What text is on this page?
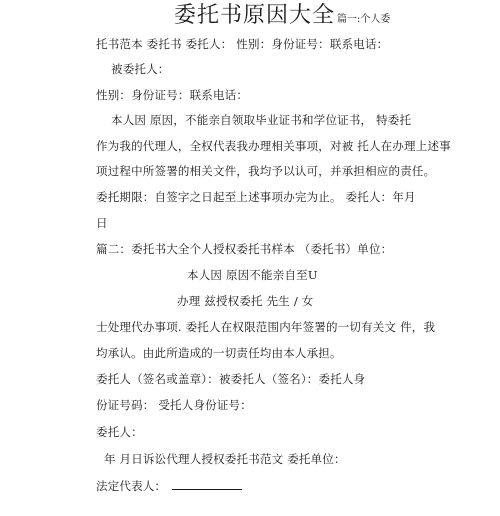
委托书原因大全 篇一:个人委
托书范本 委托书 委托人： 性别：身份证号：联系电话：
被委托人：
性别：身份证号：联系电话：
本人因 原因，不能亲自领取毕业证书和学位证书， 特委托
作为我的代理人，全权代表我办理相关事项，对被 托人在办理上述事
项过程中所签署的相关文件，我均予以认可，并承担相应的责任。
委托期限：自签字之日起至上述事项办完为止。 委托人：年月
日
篇二：委托书大全个人授权委托书样本 （委托书）单位：
本人因 原因不能亲自至U
办理 兹授权委托 先生 / 女
士处理代办事项. 委托人在权限范围内年签署的一切有关文 件，我
均承认。由此所造成的一切责任均由本人承担。
委托人（签名或盖章）：被委托人（签名）：委托人身
份证号码： 受托人身份证号：
委托人：
年 月日诉讼代理人授权委托书范文 委托单位：
法定代表人：
